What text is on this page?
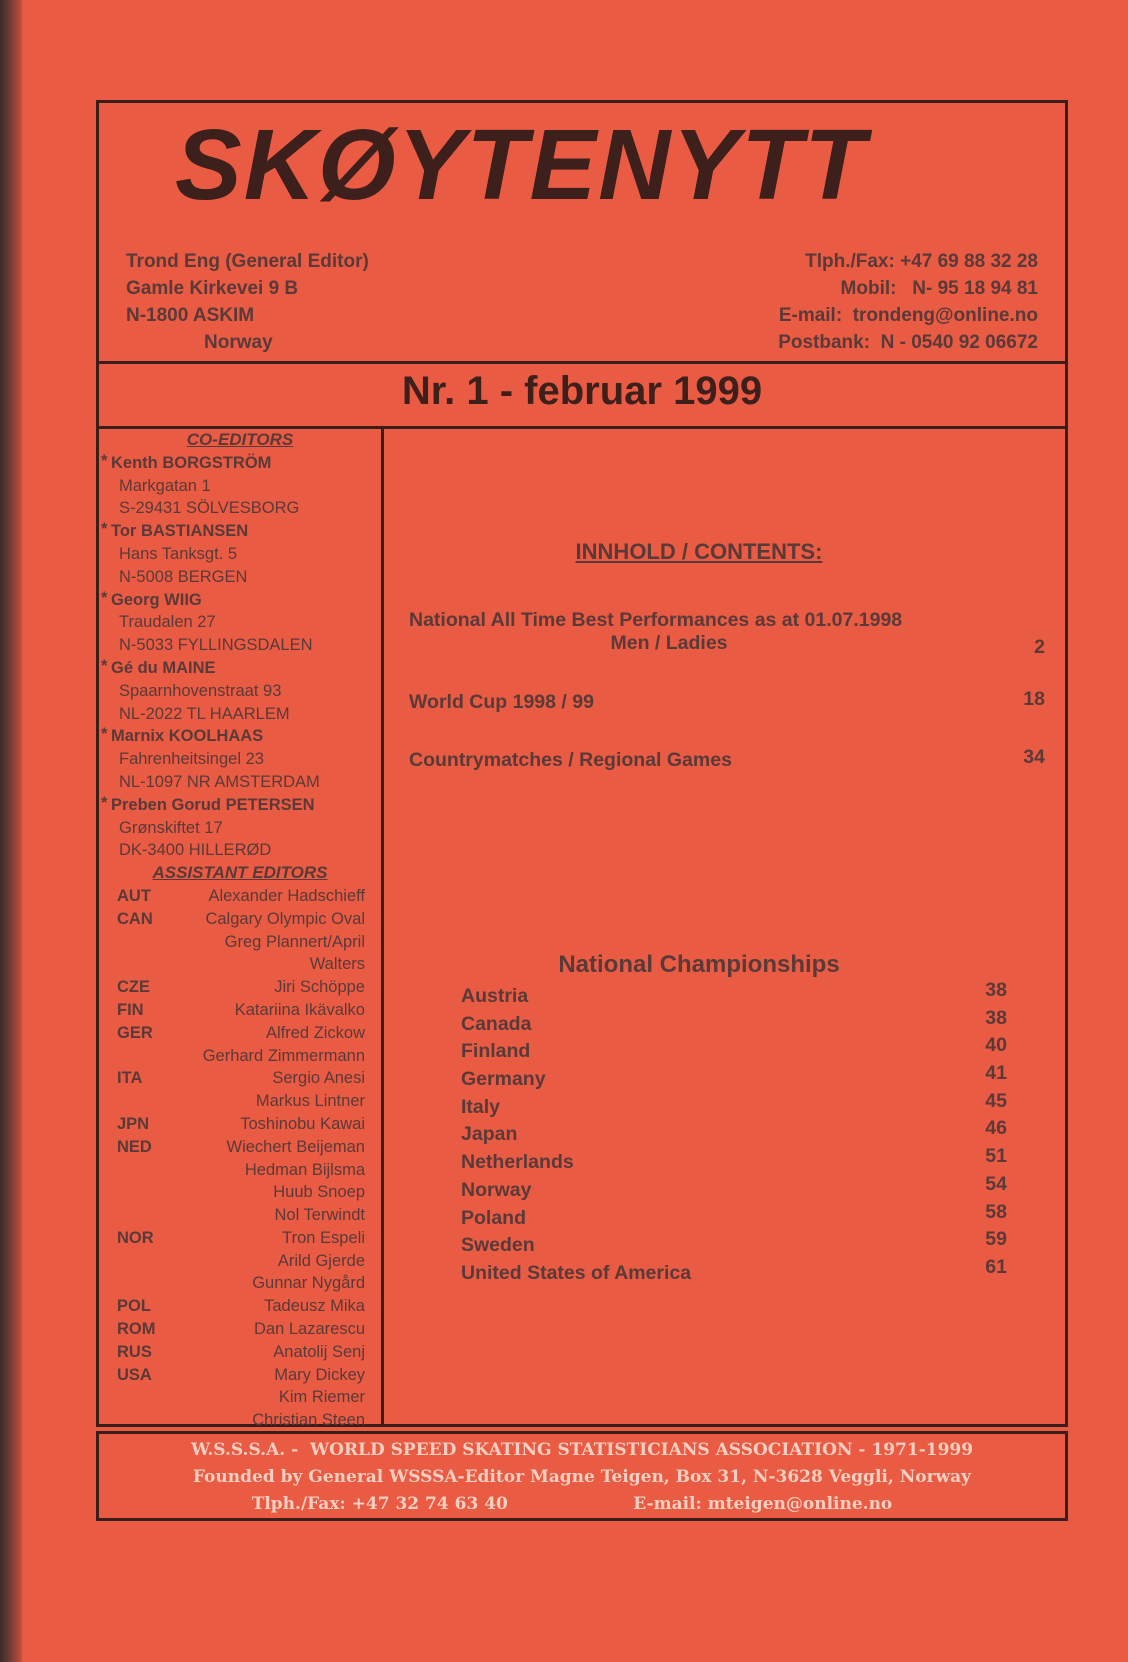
SKØYTENYTT
Trond Eng (General Editor)
Gamle Kirkevei 9 B
N-1800 ASKIM
Norway
Tlph./Fax: +47 69 88 32 28
Mobil:   N- 95 18 94 81
E-mail:  trondeng@online.no
Postbank:  N - 0540 92 06672
Nr. 1 - februar 1999
CO-EDITORS
* Kenth BORGSTRÖM
Markgatan 1
S-29431 SÖLVESBORG
* Tor BASTIANSEN
Hans Tanksgt. 5
N-5008 BERGEN
* Georg WIIG
Traudalen 27
N-5033 FYLLINGSDALEN
* Gé du MAINE
Spaarnhovenstraat 93
NL-2022 TL HAARLEM
* Marnix KOOLHAAS
Fahrenheitsingel 23
NL-1097 NR AMSTERDAM
* Preben Gorud PETERSEN
Grønskiftet 17
DK-3400 HILLERØD
ASSISTANT EDITORS
AUT	Alexander Hadschieff
CAN	Calgary Olympic Oval
Greg Plannert/April Walters
CZE	Jiri Schöppe
FIN	Katariina Ikävalko
GER	Alfred Zickow
Gerhard Zimmermann
ITA	Sergio Anesi
Markus Lintner
JPN	Toshinobu Kawai
NED	Wiechert Beijeman
Hedman Bijlsma
Huub Snoep
Nol Terwindt
NOR	Tron Espeli
Arild Gjerde
Gunnar Nygård
POL	Tadeusz Mika
ROM	Dan Lazarescu
RUS	Anatolij Senj
USA	Mary Dickey
Kim Riemer
Christian Steen
INNHOLD / CONTENTS:
National All Time Best Performances as at 01.07.1998
Men / Ladies	2
World Cup 1998 / 99	18
Countrymatches / Regional Games	34
National Championships
Austria	38
Canada	38
Finland	40
Germany	41
Italy	45
Japan	46
Netherlands	51
Norway	54
Poland	58
Sweden	59
United States of America	61
W.S.S.S.A. -  WORLD SPEED SKATING STATISTICIANS ASSOCIATION - 1971-1999
Founded by General WSSSA-Editor Magne Teigen, Box 31, N-3628 Veggli, Norway
Tlph./Fax: +47 32 74 63 40	E-mail: mteigen@online.no
